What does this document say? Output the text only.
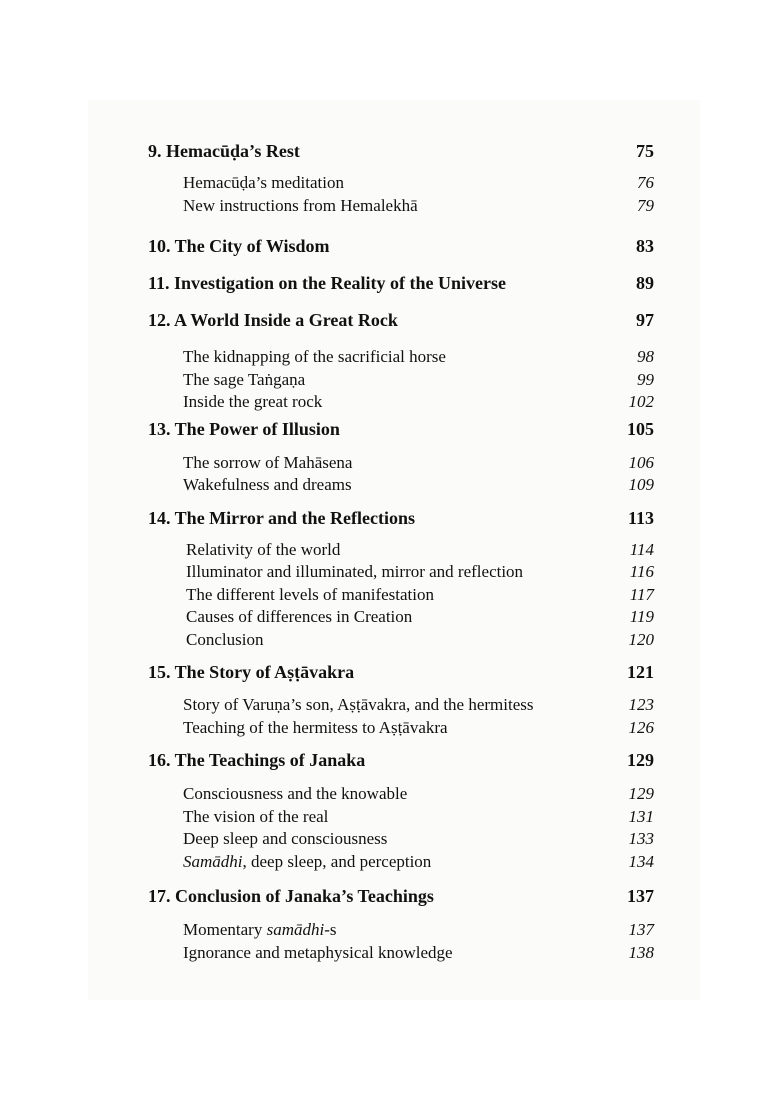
9. Hemacūḍa’s Rest	75
Hemacūḍa’s meditation	76
New instructions from Hemalekhā	79
10. The City of Wisdom	83
11. Investigation on the Reality of the Universe	89
12. A World Inside a Great Rock	97
The kidnapping of the sacrificial horse	98
The sage Taṅgaṇa	99
Inside the great rock	102
13. The Power of Illusion	105
The sorrow of Mahāsena	106
Wakefulness and dreams	109
14. The Mirror and the Reflections	113
Relativity of the world	114
Illuminator and illuminated, mirror and reflection	116
The different levels of manifestation	117
Causes of differences in Creation	119
Conclusion	120
15. The Story of Aṣṭāvakra	121
Story of Varuṇa’s son, Aṣṭāvakra, and the hermitess	123
Teaching of the hermitess to Aṣṭāvakra	126
16. The Teachings of Janaka	129
Consciousness and the knowable	129
The vision of the real	131
Deep sleep and consciousness	133
Samādhi, deep sleep, and perception	134
17. Conclusion of Janaka’s Teachings	137
Momentary samādhi-s	137
Ignorance and metaphysical knowledge	138
